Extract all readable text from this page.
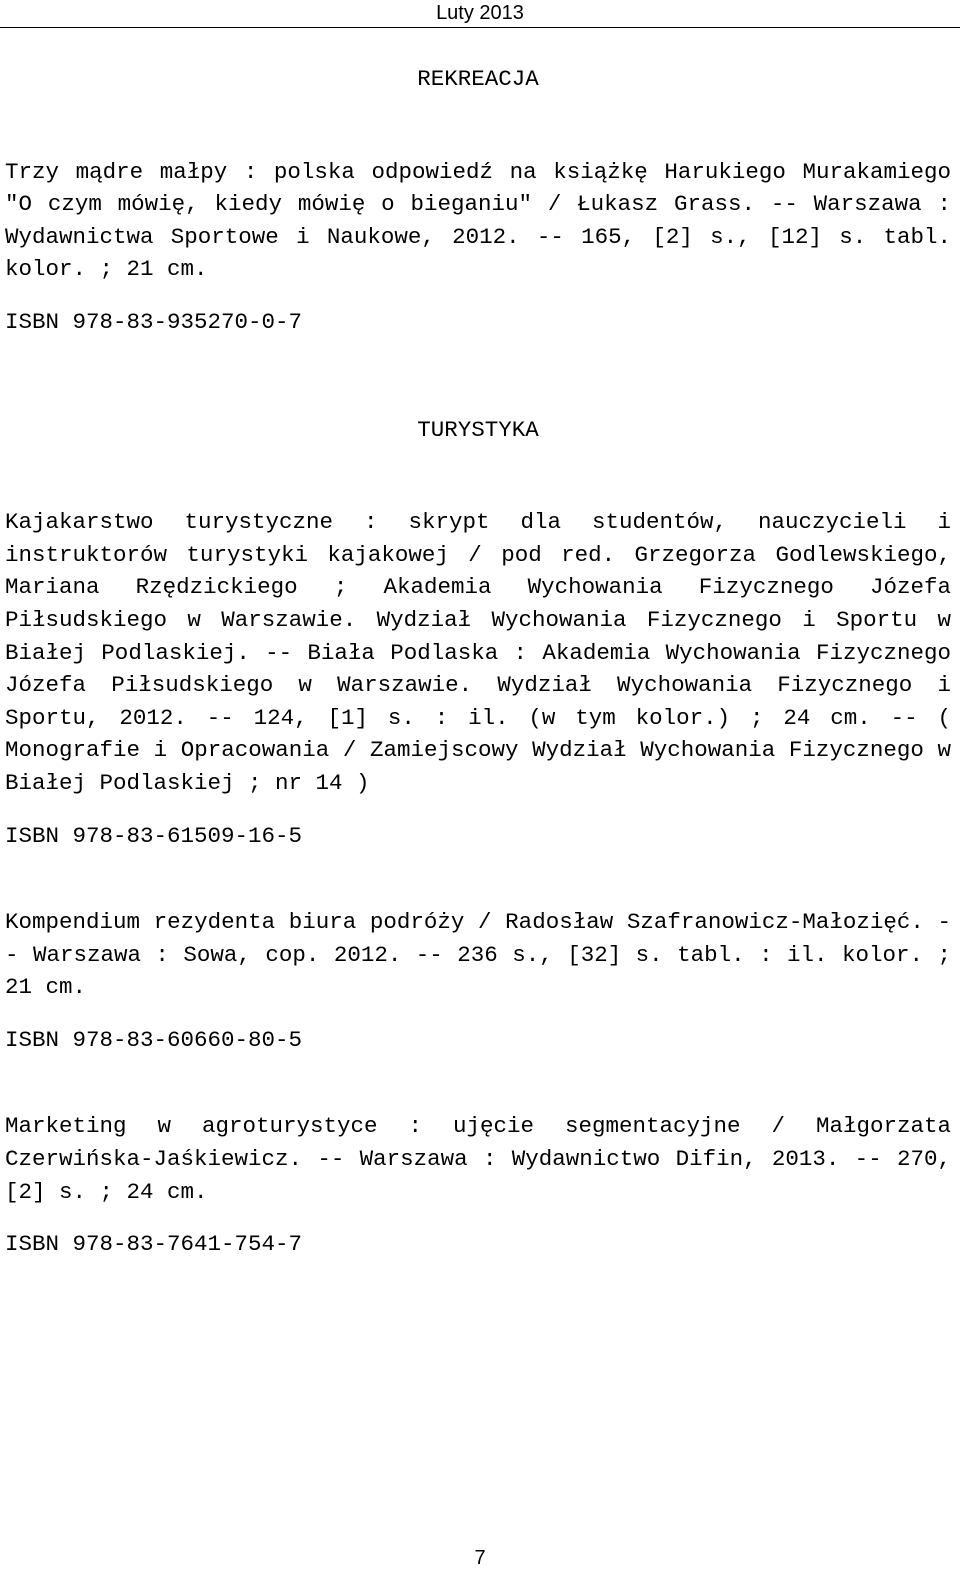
Luty 2013

REKREACJA

Trzy mądre małpy : polska odpowiedź na książkę Harukiego Murakamiego "O czym mówię, kiedy mówię o bieganiu" / Łukasz Grass. -- Warszawa : Wydawnictwa Sportowe i Naukowe, 2012. -- 165, [2] s., [12] s. tabl. kolor. ; 21 cm.

ISBN 978-83-935270-0-7

TURYSTYKA

Kajakarstwo turystyczne : skrypt dla studentów, nauczycieli i instruktorów turystyki kajakowej / pod red. Grzegorza Godlewskiego, Mariana Rzędzickiego ; Akademia Wychowania Fizycznego Józefa Piłsudskiego w Warszawie. Wydział Wychowania Fizycznego i Sportu w Białej Podlaskiej. -- Biała Podlaska : Akademia Wychowania Fizycznego Józefa Piłsudskiego w Warszawie. Wydział Wychowania Fizycznego i Sportu, 2012. -- 124, [1] s. : il. (w tym kolor.) ; 24 cm. -- ( Monografie i Opracowania / Zamiejscowy Wydział Wychowania Fizycznego w Białej Podlaskiej ; nr 14 )

ISBN 978-83-61509-16-5

Kompendium rezydenta biura podróży / Radosław Szafranowicz-Małozięć. -- Warszawa : Sowa, cop. 2012. -- 236 s., [32] s. tabl. : il. kolor. ; 21 cm.

ISBN 978-83-60660-80-5

Marketing w agroturystyce : ujęcie segmentacyjne / Małgorzata Czerwińska-Jaśkiewicz. -- Warszawa : Wydawnictwo Difin, 2013. -- 270, [2] s. ; 24 cm.

ISBN 978-83-7641-754-7

7
